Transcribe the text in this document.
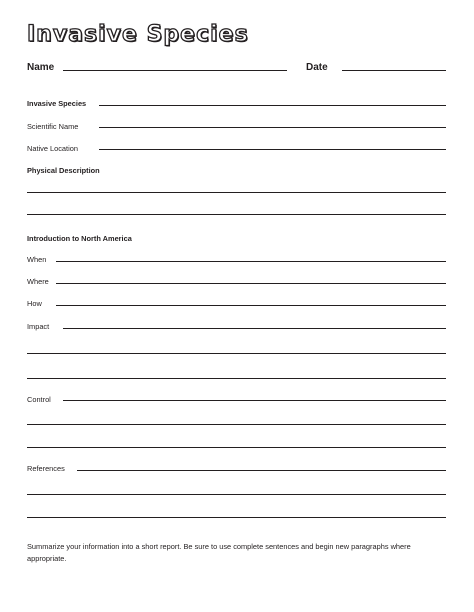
Invasive Species
Name	Date
Invasive Species
Scientific Name
Native Location
Physical Description
Introduction to North America
When
Where
How
Impact
Control
References
Summarize your information into a short report. Be sure to use complete sentences and begin new paragraphs where appropriate.
